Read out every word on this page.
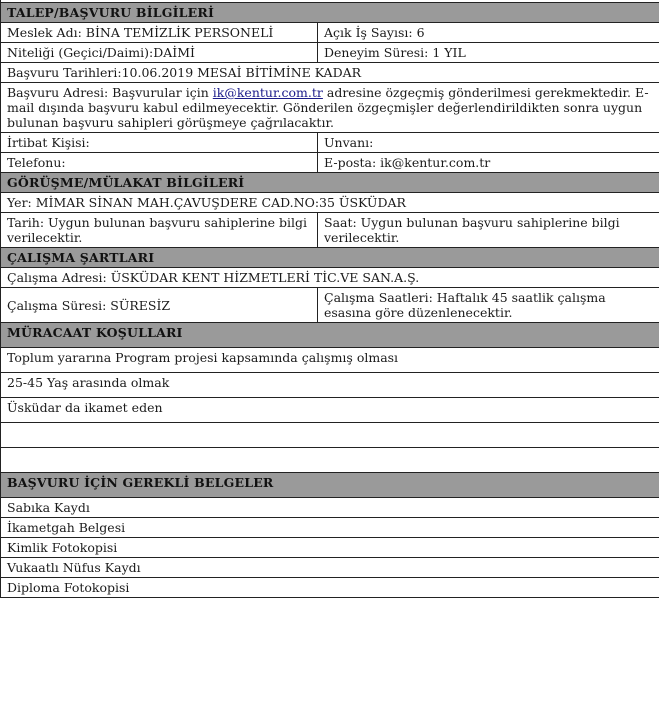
TALEP/BAŞVURU BİLGİLERİ	
Meslek Adı: BİNA TEMİZLİK PERSONELİ	Açık İş Sayısı: 6
Niteliği (Geçici/Daimi):DAİMİ	Deneyim Süresi: 1 YIL
Başvuru Tarihleri:10.06.2019 MESAİ BİTİMİNE KADAR	
Başvuru Adresi: Başvurular için ik@kentur.com.tr adresine özgeçmiş gönderilmesi gerekmektedir. E-mail dışında başvuru kabul edilmeyecektir. Gönderilen özgeçmişler değerlendirildikten sonra uygun bulunan başvuru sahipleri görüşmeye çağrılacaktır.	
İrtibat Kişisi:	Unvanı:
Telefonu:	E-posta: ik@kentur.com.tr
GÖRÜŞME/MÜLAKAT BİLGİLERİ	
Yer: MİMAR SİNAN MAH.ÇAVUŞDERE CAD.NO:35 ÜSKÜDAR	
Tarih: Uygun bulunan başvuru sahiplerine bilgi verilecektir.	Saat: Uygun bulunan başvuru sahiplerine bilgi verilecektir.
ÇALIŞMA ŞARTLARI	
Çalışma Adresi: ÜSKÜDAR KENT HİZMETLERİ TİC.VE SAN.A.Ş.	
Çalışma Süresi: SÜRESİZ	Çalışma Saatleri: Haftalık 45 saatlik çalışma esasına göre düzenlenecektir.
MÜRACAAT KOŞULLARI	
Toplum yararına Program projesi kapsamında çalışmış olması	
25-45 Yaş arasında olmak	
Üsküdar da ikamet eden	

BAŞVURU İÇİN GEREKLİ BELGELER	
Sabıka Kaydı	
İkametgah Belgesi	
Kimlik Fotokopisi	
Vukaatlı Nüfus Kaydı	
Diploma Fotokopisi	
